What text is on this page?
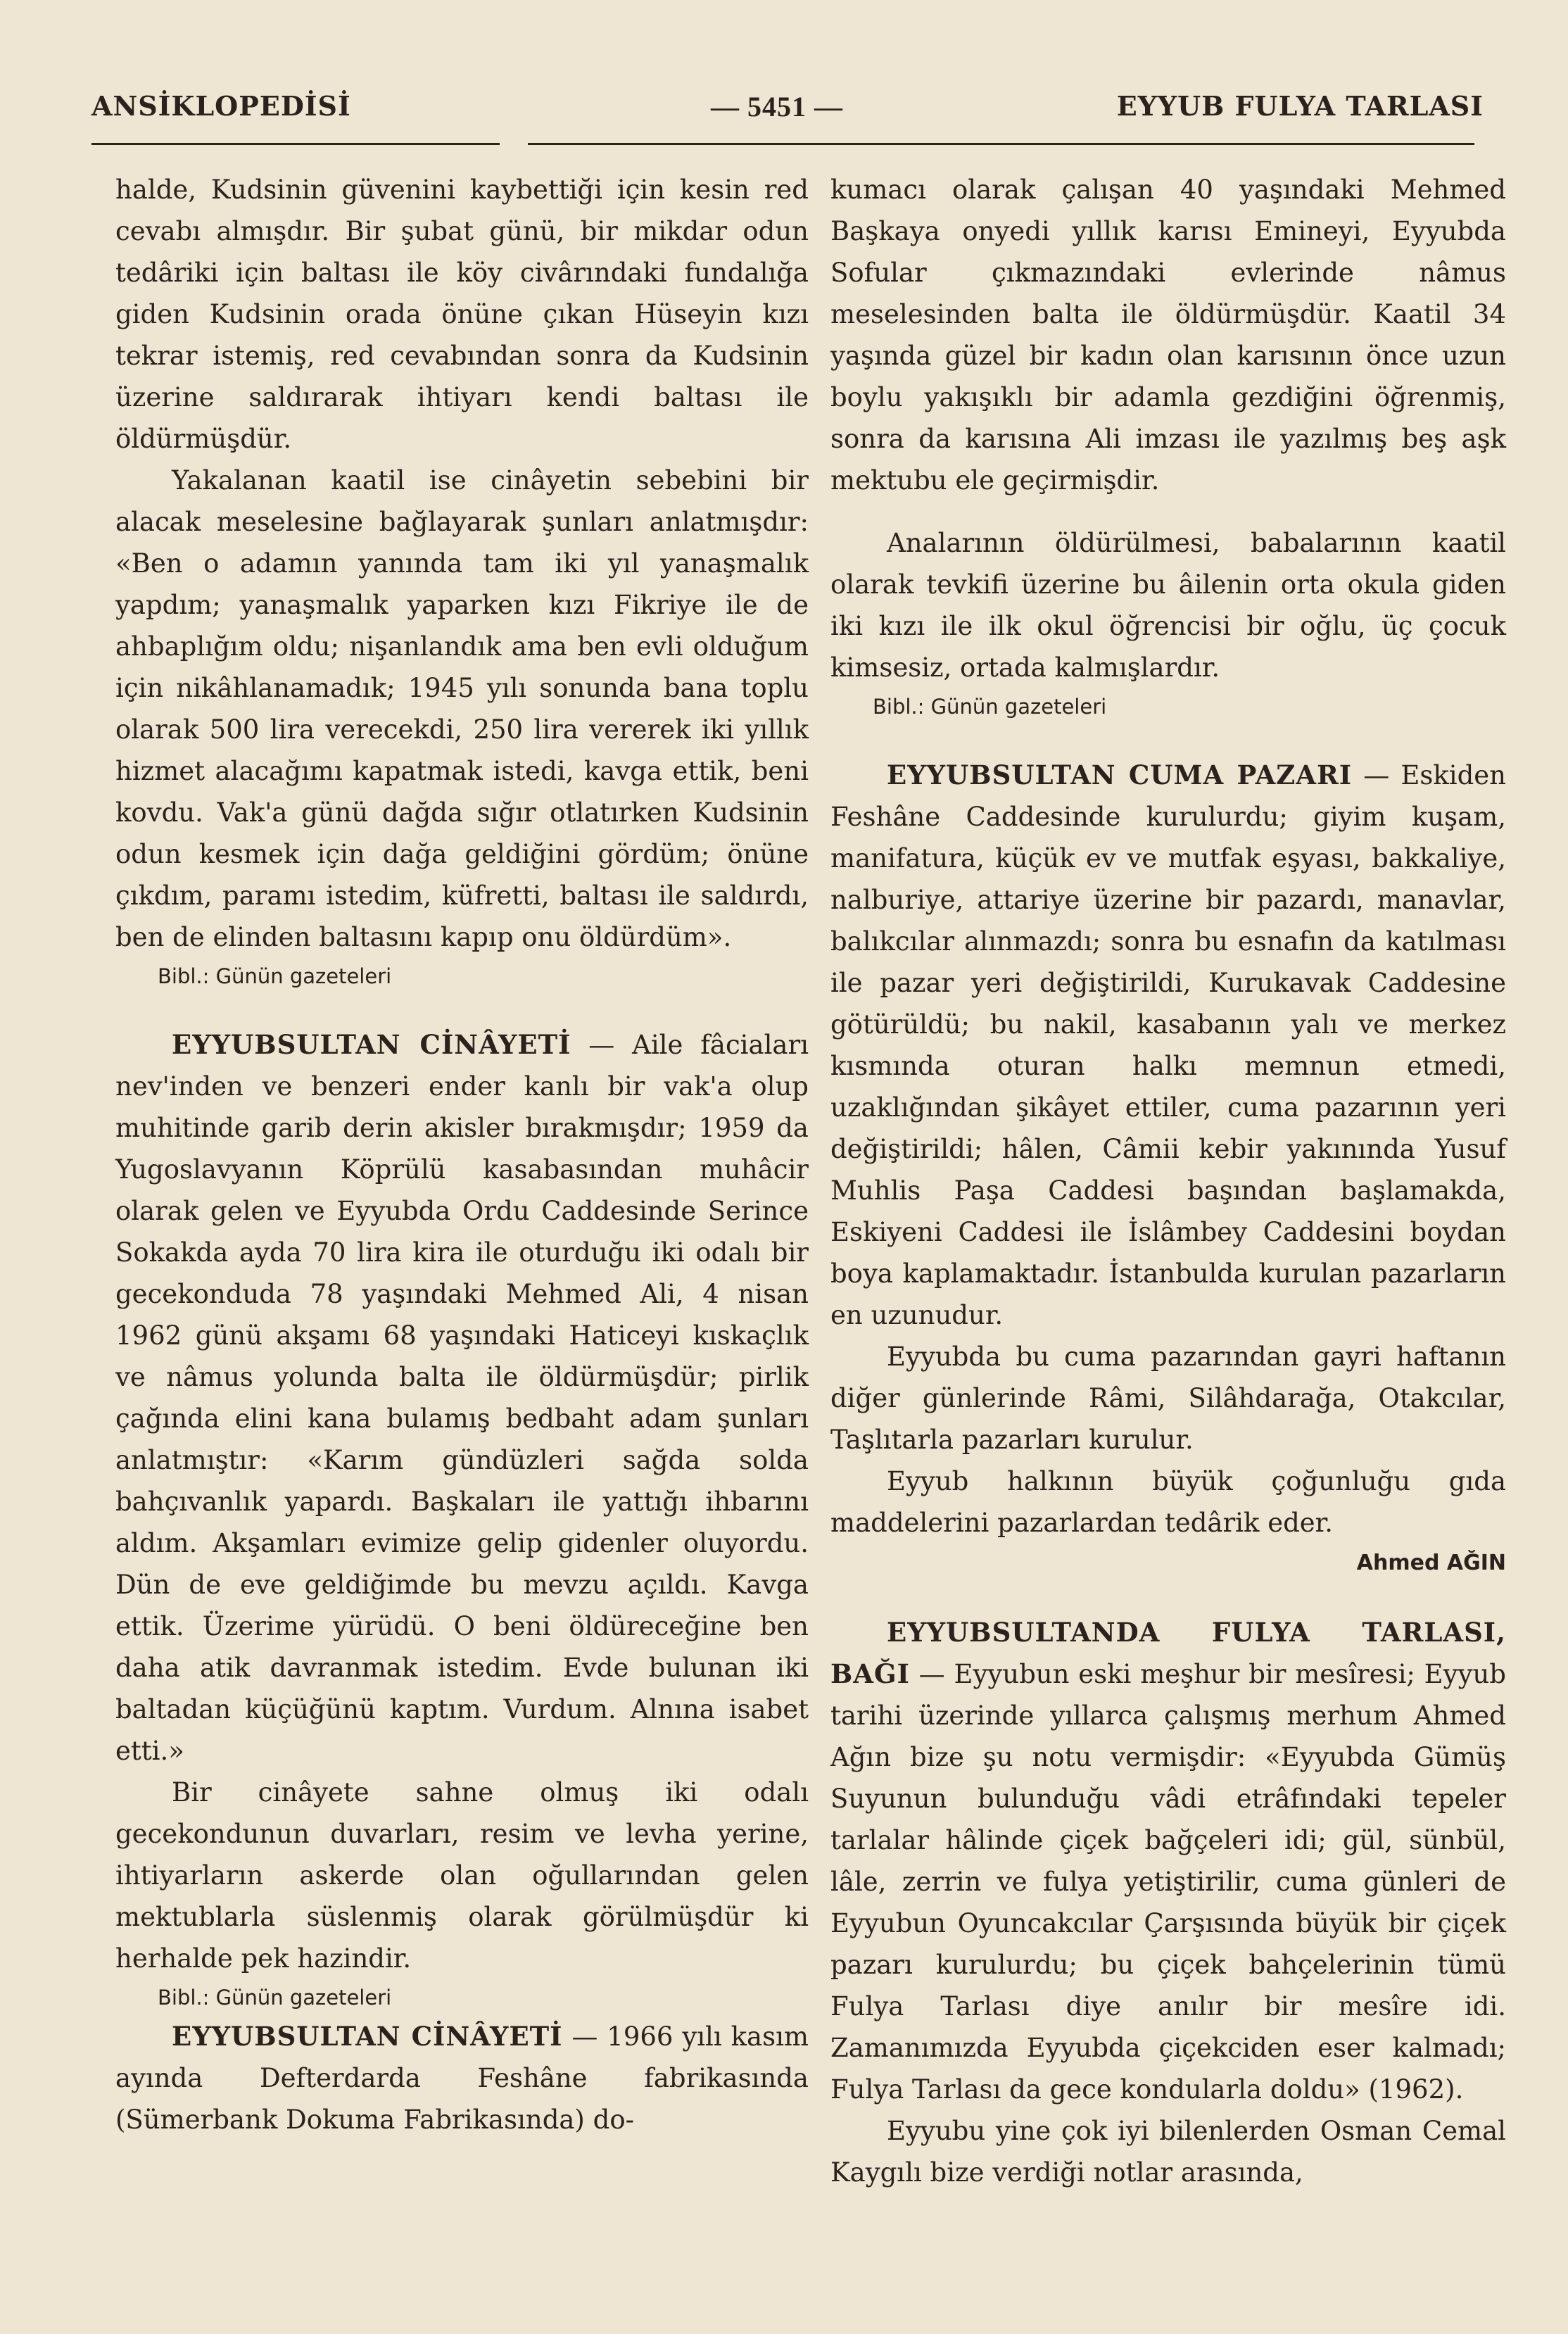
ANSİKLOPEDİSİ	— 5451 —	EYYUB FULYA TARLASI

halde, Kudsinin güvenini kaybettiği için kesin red cevabı almışdır. Bir şubat günü, bir mikdar odun tedâriki için baltası ile köy civârındaki fundalığa giden Kudsinin orada önüne çıkan Hüseyin kızı tekrar istemiş, red cevabından sonra da Kudsinin üzerine saldırarak ihtiyarı kendi baltası ile öldürmüşdür.

Yakalanan kaatil ise cinâyetin sebebini bir alacak meselesine bağlayarak şunları anlatmışdır: «Ben o adamın yanında tam iki yıl yanaşmalık yapdım; yanaşmalık yaparken kızı Fikriye ile de ahbaplığım oldu; nişanlandık ama ben evli olduğum için nikâhlanamadık; 1945 yılı sonunda bana toplu olarak 500 lira verecekdi, 250 lira vererek iki yıllık hizmet alacağımı kapatmak istedi, kavga ettik, beni kovdu. Vak'a günü dağda sığır otlatırken Kudsinin odun kesmek için dağa geldiğini gördüm; önüne çıkdım, paramı istedim, küfretti, baltası ile saldırdı, ben de elinden baltasını kapıp onu öldürdüm».

Bibl.: Günün gazeteleri

EYYUBSULTAN CİNÂYETİ — Aile fâciaları nev'inden ve benzeri ender kanlı bir vak'a olup muhitinde garib derin akisler bırakmışdır; 1959 da Yugoslavyanın Köprülü kasabasından muhâcir olarak gelen ve Eyyubda Ordu Caddesinde Serince Sokakda ayda 70 lira kira ile oturduğu iki odalı bir gecekonduda 78 yaşındaki Mehmed Ali, 4 nisan 1962 günü akşamı 68 yaşındaki Haticeyi kıskaçlık ve nâmus yolunda balta ile öldürmüşdür; pirlik çağında elini kana bulamış bedbaht adam şunları anlatmıştır: «Karım gündüzleri sağda solda bahçıvanlık yapardı. Başkaları ile yattığı ihbarını aldım. Akşamları evimize gelip gidenler oluyordu. Dün de eve geldiğimde bu mevzu açıldı. Kavga ettik. Üzerime yürüdü. O beni öldüreceğine ben daha atik davranmak istedim. Evde bulunan iki baltadan küçüğünü kaptım. Vurdum. Alnına isabet etti.»

Bir cinâyete sahne olmuş iki odalı gecekondunun duvarları, resim ve levha yerine, ihtiyarların askerde olan oğullarından gelen mektublarla süslenmiş olarak görülmüşdür ki herhalde pek hazindir.

Bibl.: Günün gazeteleri

EYYUBSULTAN CİNÂYETİ — 1966 yılı kasım ayında Defterdarda Feshâne fabrikasında (Sümerbank Dokuma Fabrikasında) do-

kumacı olarak çalışan 40 yaşındaki Mehmed Başkaya onyedi yıllık karısı Emineyi, Eyyubda Sofular çıkmazındaki evlerinde nâmus meselesinden balta ile öldürmüşdür. Kaatil 34 yaşında güzel bir kadın olan karısının önce uzun boylu yakışıklı bir adamla gezdiğini öğrenmiş, sonra da karısına Ali imzası ile yazılmış beş aşk mektubu ele geçirmişdir.

Analarının öldürülmesi, babalarının kaatil olarak tevkifi üzerine bu âilenin orta okula giden iki kızı ile ilk okul öğrencisi bir oğlu, üç çocuk kimsesiz, ortada kalmışlardır.

Bibl.: Günün gazeteleri

EYYUBSULTAN CUMA PAZARI — Eskiden Feshâne Caddesinde kurulurdu; giyim kuşam, manifatura, küçük ev ve mutfak eşyası, bakkaliye, nalburiye, attariye üzerine bir pazardı, manavlar, balıkcılar alınmazdı; sonra bu esnafın da katılması ile pazar yeri değiştirildi, Kurukavak Caddesine götürüldü; bu nakil, kasabanın yalı ve merkez kısmında oturan halkı memnun etmedi, uzaklığından şikâyet ettiler, cuma pazarının yeri değiştirildi; hâlen, Câmii kebir yakınında Yusuf Muhlis Paşa Caddesi başından başlamakda, Eskiyeni Caddesi ile İslâmbey Caddesini boydan boya kaplamaktadır. İstanbulda kurulan pazarların en uzunudur.

Eyyubda bu cuma pazarından gayri haftanın diğer günlerinde Râmi, Silâhdarağa, Otakcılar, Taşlıtarla pazarları kurulur.

Eyyub halkının büyük çoğunluğu gıda maddelerini pazarlardan tedârik eder.

Ahmed AĞIN

EYYUBSULTANDA FULYA TARLASI, BAĞI — Eyyubun eski meşhur bir mesîresi; Eyyub tarihi üzerinde yıllarca çalışmış merhum Ahmed Ağın bize şu notu vermişdir: «Eyyubda Gümüş Suyunun bulunduğu vâdi etrâfındaki tepeler tarlalar hâlinde çiçek bağçeleri idi; gül, sünbül, lâle, zerrin ve fulya yetiştirilir, cuma günleri de Eyyubun Oyuncakcılar Çarşısında büyük bir çiçek pazarı kurulurdu; bu çiçek bahçelerinin tümü Fulya Tarlası diye anılır bir mesîre idi. Zamanımızda Eyyubda çiçekciden eser kalmadı; Fulya Tarlası da gece kondularla doldu» (1962).

Eyyubu yine çok iyi bilenlerden Osman Cemal Kaygılı bize verdiği notlar arasında,
